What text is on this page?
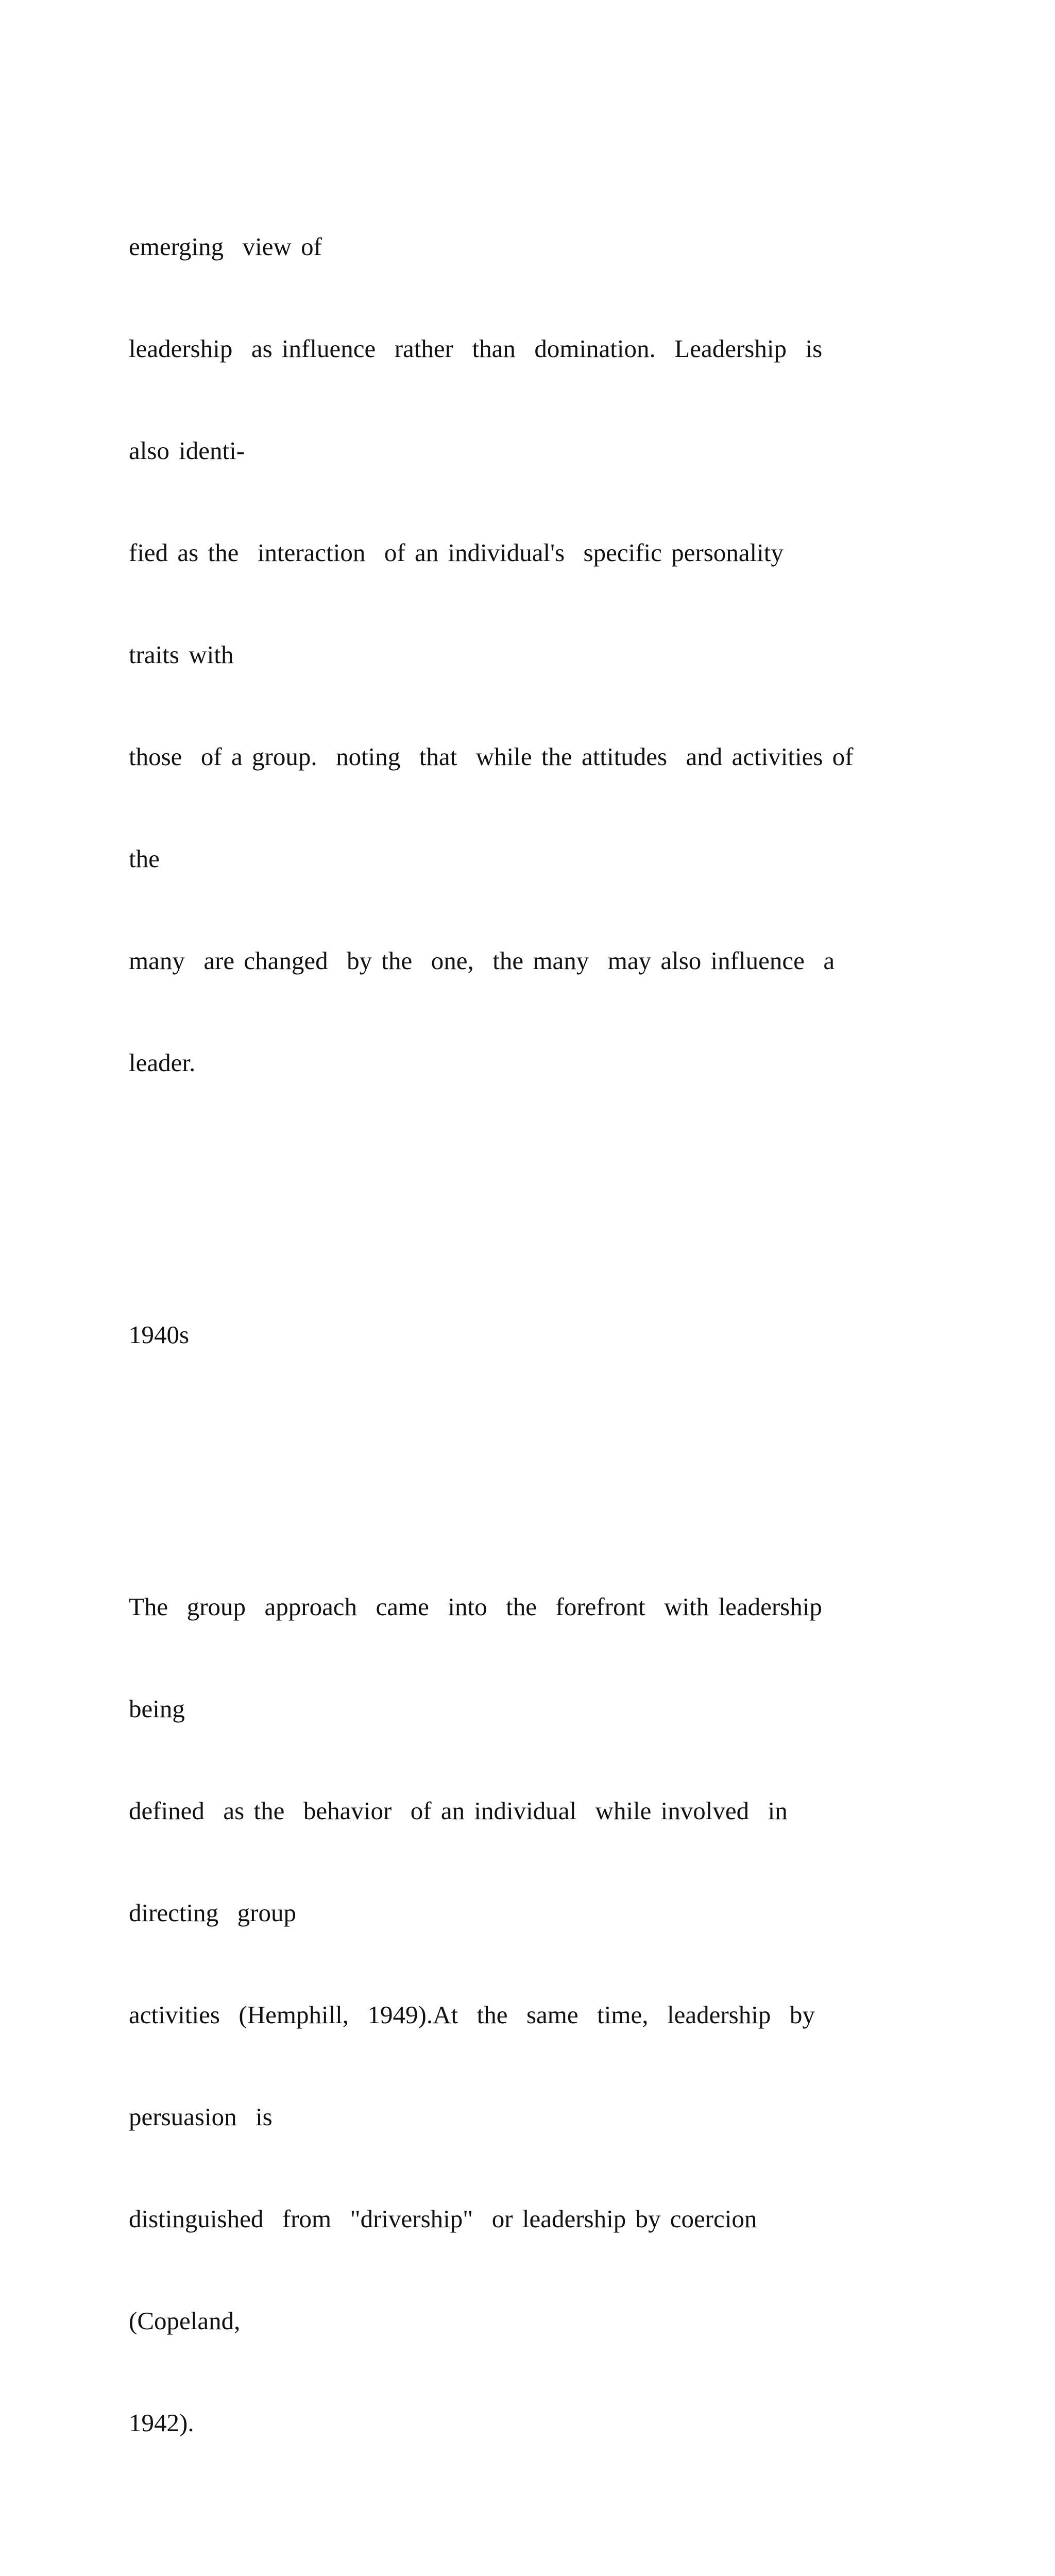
emerging  view of

leadership  as influence  rather  than  domination.  Leadership  is

also identi-

fied as the  interaction  of an individual's  specific personality

traits with

those  of a group.  noting  that  while the attitudes  and activities of

the

many  are changed  by the  one,  the many  may also influence  a

leader.

1940s

The  group  approach  came  into  the  forefront  with leadership

being

defined  as the  behavior  of an individual  while involved  in

directing  group

activities  (Hemphill,  1949).At  the  same  time,  leadership  by

persuasion  is

distinguished  from  "drivership"  or leadership by coercion

(Copeland,

1942).
